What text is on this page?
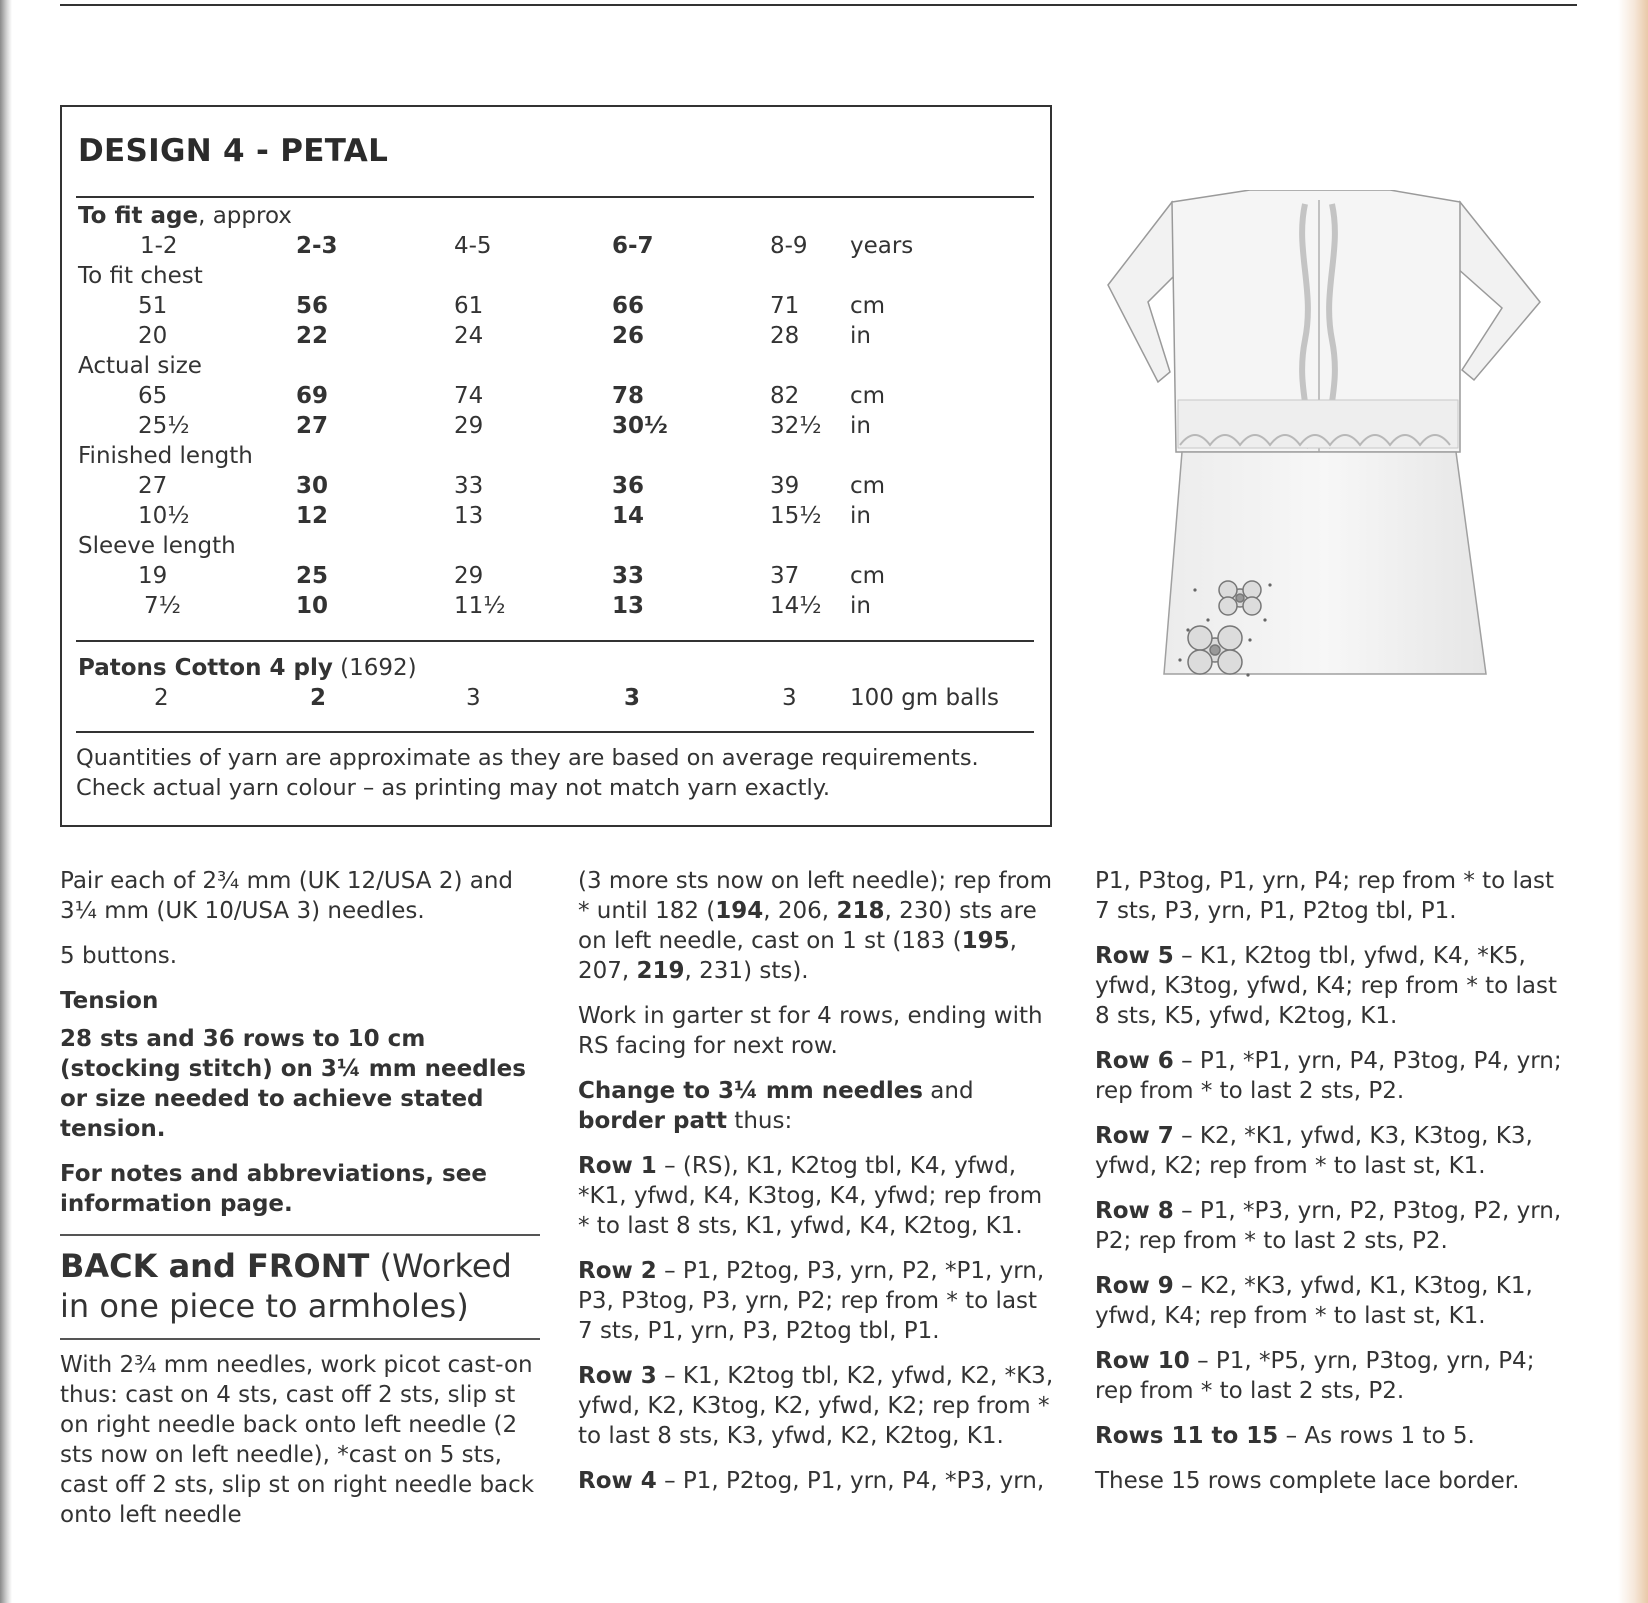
DESIGN 4 - PETAL
To fit age, approx
1-2	2-3	4-5	6-7	8-9 years
To fit chest
51	56	61	66	71 cm
20	22	24	26	28 in
Actual size
65	69	74	78	82 cm
25½	27	29	30½	32½ in
Finished length
27	30	33	36	39 cm
10½	12	13	14	15½ in
Sleeve length
19	25	29	33	37 cm
7½	10	11½	13	14½ in
Patons Cotton 4 ply (1692)
2	2	3	3	3 100 gm balls
Quantities of yarn are approximate as they are based on average requirements.
Check actual yarn colour – as printing may not match yarn exactly.

Pair each of 2¾ mm (UK 12/USA 2) and 3¼ mm (UK 10/USA 3) needles.

5 buttons.

Tension

28 sts and 36 rows to 10 cm (stocking stitch) on 3¼ mm needles or size needed to achieve stated tension.

For notes and abbreviations, see information page.

BACK and FRONT (Worked in one piece to armholes)

With 2¾ mm needles, work picot cast-on thus: cast on 4 sts, cast off 2 sts, slip st on right needle back onto left needle (2 sts now on left needle), *cast on 5 sts, cast off 2 sts, slip st on right needle back onto left needle

(3 more sts now on left needle); rep from * until 182 (194, 206, 218, 230) sts are on left needle, cast on 1 st (183 (195, 207, 219, 231) sts).

Work in garter st for 4 rows, ending with RS facing for next row.

Change to 3¼ mm needles and border patt thus:

Row 1 – (RS), K1, K2tog tbl, K4, yfwd, *K1, yfwd, K4, K3tog, K4, yfwd; rep from * to last 8 sts, K1, yfwd, K4, K2tog, K1.

Row 2 – P1, P2tog, P3, yrn, P2, *P1, yrn, P3, P3tog, P3, yrn, P2; rep from * to last 7 sts, P1, yrn, P3, P2tog tbl, P1.

Row 3 – K1, K2tog tbl, K2, yfwd, K2, *K3, yfwd, K2, K3tog, K2, yfwd, K2; rep from * to last 8 sts, K3, yfwd, K2, K2tog, K1.

Row 4 – P1, P2tog, P1, yrn, P4, *P3, yrn,

P1, P3tog, P1, yrn, P4; rep from * to last 7 sts, P3, yrn, P1, P2tog tbl, P1.

Row 5 – K1, K2tog tbl, yfwd, K4, *K5, yfwd, K3tog, yfwd, K4; rep from * to last 8 sts, K5, yfwd, K2tog, K1.

Row 6 – P1, *P1, yrn, P4, P3tog, P4, yrn; rep from * to last 2 sts, P2.

Row 7 – K2, *K1, yfwd, K3, K3tog, K3, yfwd, K2; rep from * to last st, K1.

Row 8 – P1, *P3, yrn, P2, P3tog, P2, yrn, P2; rep from * to last 2 sts, P2.

Row 9 – K2, *K3, yfwd, K1, K3tog, K1, yfwd, K4; rep from * to last st, K1.

Row 10 – P1, *P5, yrn, P3tog, yrn, P4; rep from * to last 2 sts, P2.

Rows 11 to 15 – As rows 1 to 5.

These 15 rows complete lace border.
